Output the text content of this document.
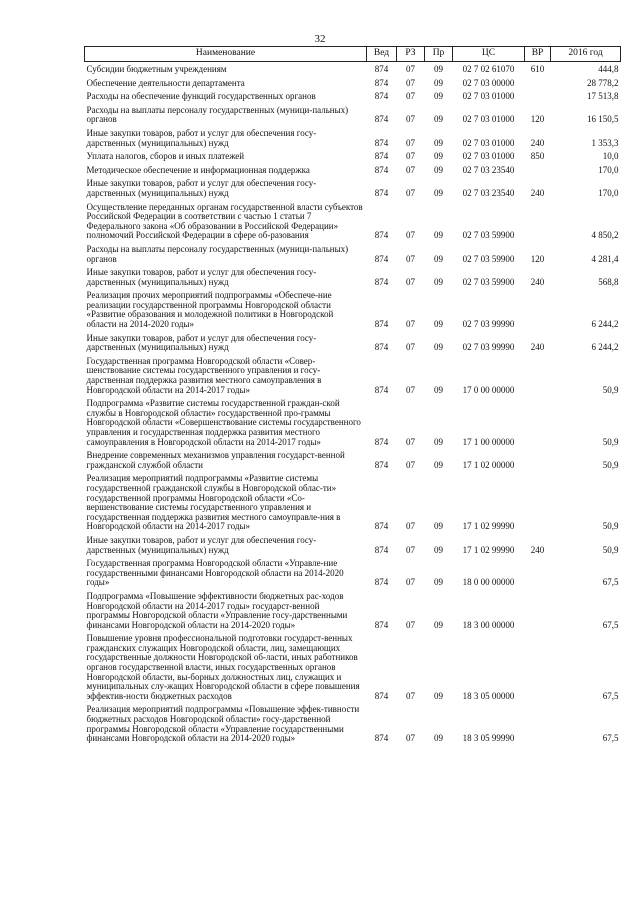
32
Наименование	Вед	РЗ	Пр	ЦС	ВР	2016 год
Субсидии бюджетным учреждениям	874	07	09	02 7 02 61070	610	444,8
Обеспечение деятельности департамента	874	07	09	02 7 03 00000		28 778,2
Расходы на обеспечение функций государственных органов	874	07	09	02 7 03 01000		17 513,8
Расходы на выплаты персоналу государственных (муници-пальных) органов	874	07	09	02 7 03 01000	120	16 150,5
Иные закупки товаров, работ и услуг для обеспечения госу-дарственных (муниципальных) нужд	874	07	09	02 7 03 01000	240	1 353,3
Уплата налогов, сборов и иных платежей	874	07	09	02 7 03 01000	850	10,0
Методическое обеспечение и информационная поддержка	874	07	09	02 7 03 23540		170,0
Иные закупки товаров, работ и услуг для обеспечения госу-дарственных (муниципальных) нужд	874	07	09	02 7 03 23540	240	170,0
Осуществление переданных органам государственной власти субъектов Российской Федерации в соответствии с частью 1 статьи 7 Федерального закона «Об образовании в Российской Федерации» полномочий Российской Федерации в сфере об-разования	874	07	09	02 7 03 59900		4 850,2
Расходы на выплаты персоналу государственных (муници-пальных) органов	874	07	09	02 7 03 59900	120	4 281,4
Иные закупки товаров, работ и услуг для обеспечения госу-дарственных (муниципальных) нужд	874	07	09	02 7 03 59900	240	568,8
Реализация прочих мероприятий подпрограммы «Обеспече-ние реализации государственной программы Новгородской области «Развитие образования и молодежной политики в Новгородской области на 2014-2020 годы»	874	07	09	02 7 03 99990		6 244,2
Иные закупки товаров, работ и услуг для обеспечения госу-дарственных (муниципальных) нужд	874	07	09	02 7 03 99990	240	6 244,2
Государственная программа Новгородской области «Совер-шенствование системы государственного управления и госу-дарственная поддержка развития местного самоуправления в Новгородской области на 2014-2017 годы»	874	07	09	17 0 00 00000		50,9
Подпрограмма «Развитие системы государственной граждан-ской службы в Новгородской области» государственной про-граммы Новгородской области «Совершенствование системы государственного управления и государственная поддержка развития местного самоуправления в Новгородской области на 2014-2017 годы»	874	07	09	17 1 00 00000		50,9
Внедрение современных механизмов управления государст-венной гражданской службой области	874	07	09	17 1 02 00000		50,9
Реализация мероприятий подпрограммы «Развитие системы государственной гражданской службы в Новгородской облас-ти» государственной программы Новгородской области «Со-вершенствование системы государственного управления и государственная поддержка развития местного самоуправле-ния в Новгородской области на 2014-2017 годы»	874	07	09	17 1 02 99990		50,9
Иные закупки товаров, работ и услуг для обеспечения госу-дарственных (муниципальных) нужд	874	07	09	17 1 02 99990	240	50,9
Государственная программа Новгородской области «Управле-ние государственными финансами Новгородской области на 2014-2020 годы»	874	07	09	18 0 00 00000		67,5
Подпрограмма «Повышение эффективности бюджетных рас-ходов Новгородской области на 2014-2017 годы» государст-венной программы Новгородской области «Управление госу-дарственными финансами Новгородской области на 2014-2020 годы»	874	07	09	18 3 00 00000		67,5
Повышение уровня профессиональной подготовки государст-венных гражданских служащих Новгородской области, лиц, замещающих государственные должности Новгородской об-ласти, иных работников органов государственной власти, иных государственных органов Новгородской области, вы-борных должностных лиц, служащих и муниципальных слу-жащих Новгородской области в сфере повышения эффектив-ности бюджетных расходов	874	07	09	18 3 05 00000		67,5
Реализация мероприятий подпрограммы «Повышение эффек-тивности бюджетных расходов Новгородской области» госу-дарственной программы Новгородской области «Управление государственными финансами Новгородской области на 2014-2020 годы»	874	07	09	18 3 05 99990		67,5
